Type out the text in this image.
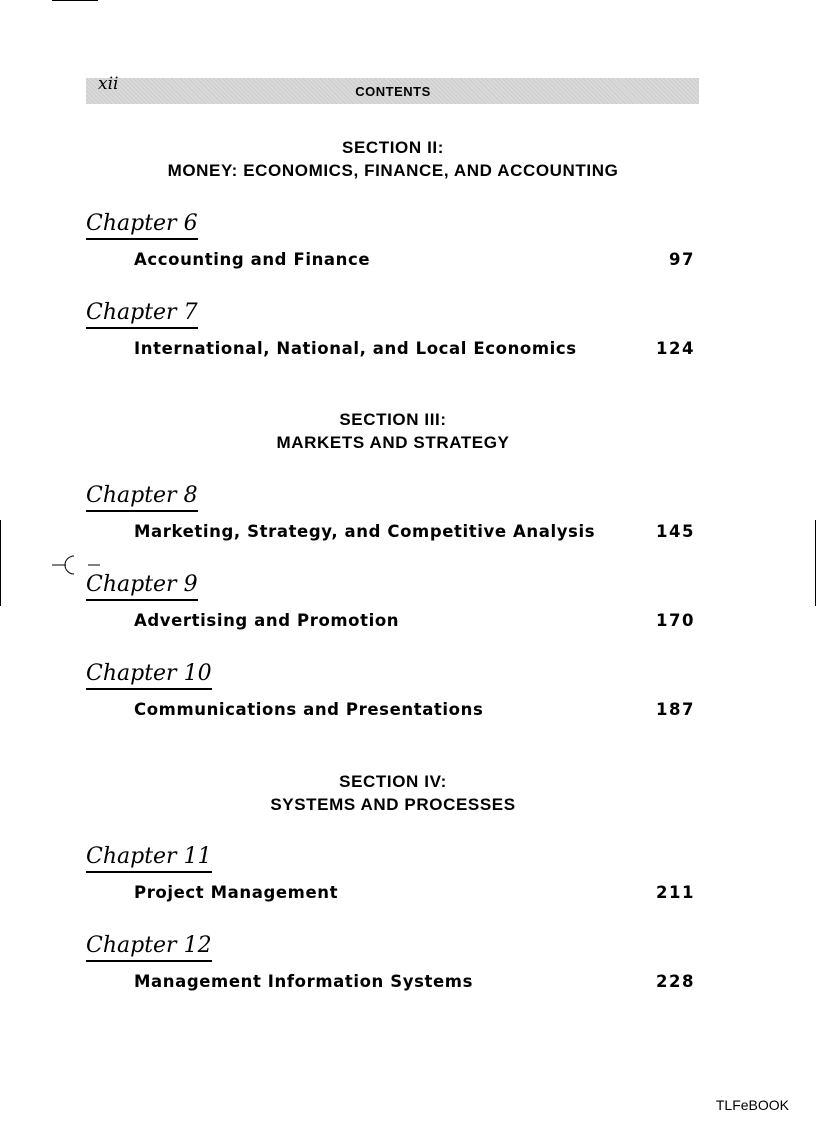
xii	CONTENTS
SECTION II:
MONEY: ECONOMICS, FINANCE, AND ACCOUNTING
Chapter 6
Accounting and Finance	97
Chapter 7
International, National, and Local Economics	124
SECTION III:
MARKETS AND STRATEGY
Chapter 8
Marketing, Strategy, and Competitive Analysis	145
Chapter 9
Advertising and Promotion	170
Chapter 10
Communications and Presentations	187
SECTION IV:
SYSTEMS AND PROCESSES
Chapter 11
Project Management	211
Chapter 12
Management Information Systems	228
TLFeBOOK
